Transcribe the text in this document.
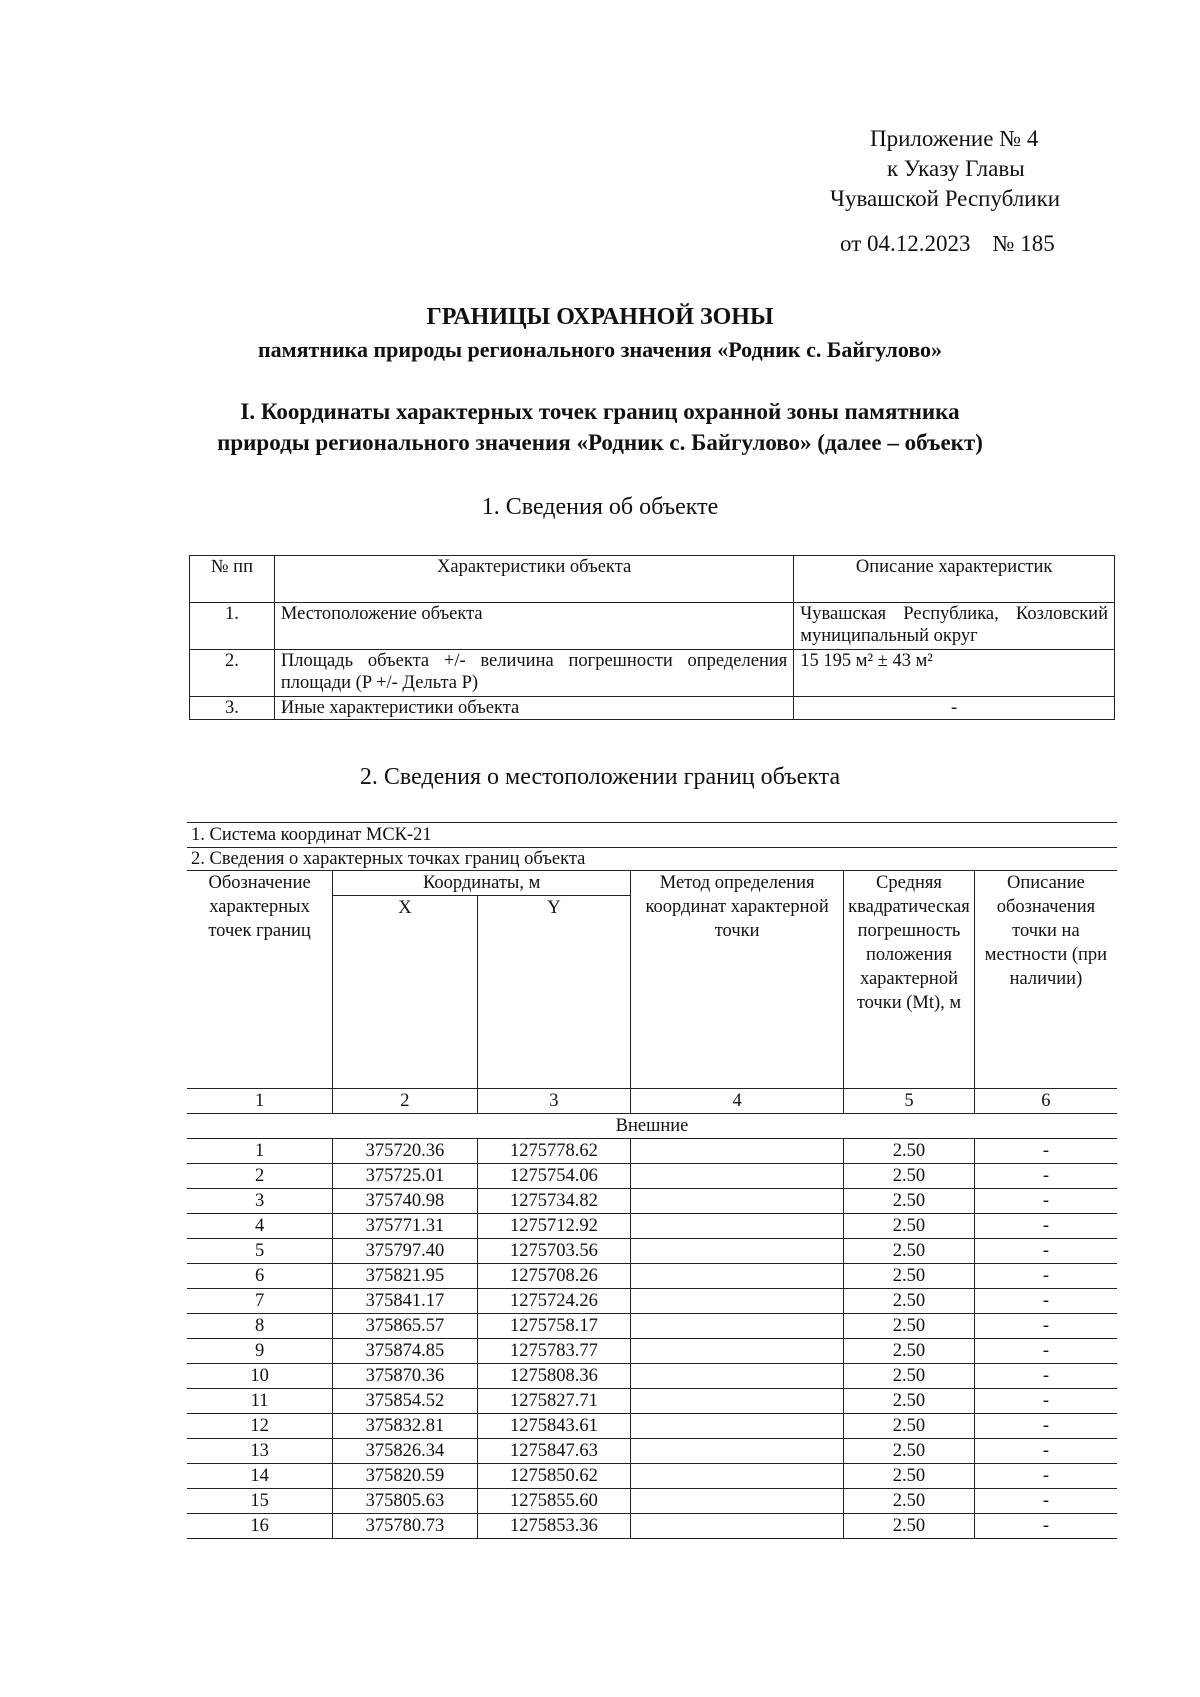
Приложение № 4
к Указу Главы
Чувашской Республики
от 04.12.2023 № 185
ГРАНИЦЫ ОХРАННОЙ ЗОНЫ
памятника природы регионального значения «Родник с. Байгулово»
I. Координаты характерных точек границ охранной зоны памятника
природы регионального значения «Родник с. Байгулово» (далее – объект)
1. Сведения об объекте
№ пп	Характеристики объекта	Описание характеристик
1.	Местоположение объекта	Чувашская Республика, Козловский муниципальный округ
2.	Площадь объекта +/- величина погрешности определения площади (P +/- Дельта P)	15 195 м² ± 43 м²
3.	Иные характеристики объекта	-
2. Сведения о местоположении границ объекта
1. Система координат МСК-21					
2. Сведения о характерных точках границ объекта					
Обозначение характерных точек границ	Координаты, м		Метод определения координат характерной точки	Средняя квадратическая погрешность положения характерной точки (Mt), м	Описание обозначения точки на местности (при наличии)
	X	Y			
1	2	3	4	5	6
Внешние					
1	375720.36	1275778.62		2.50	-
2	375725.01	1275754.06		2.50	-
3	375740.98	1275734.82		2.50	-
4	375771.31	1275712.92		2.50	-
5	375797.40	1275703.56		2.50	-
6	375821.95	1275708.26		2.50	-
7	375841.17	1275724.26		2.50	-
8	375865.57	1275758.17		2.50	-
9	375874.85	1275783.77		2.50	-
10	375870.36	1275808.36		2.50	-
11	375854.52	1275827.71		2.50	-
12	375832.81	1275843.61		2.50	-
13	375826.34	1275847.63		2.50	-
14	375820.59	1275850.62		2.50	-
15	375805.63	1275855.60		2.50	-
16	375780.73	1275853.36		2.50	-
